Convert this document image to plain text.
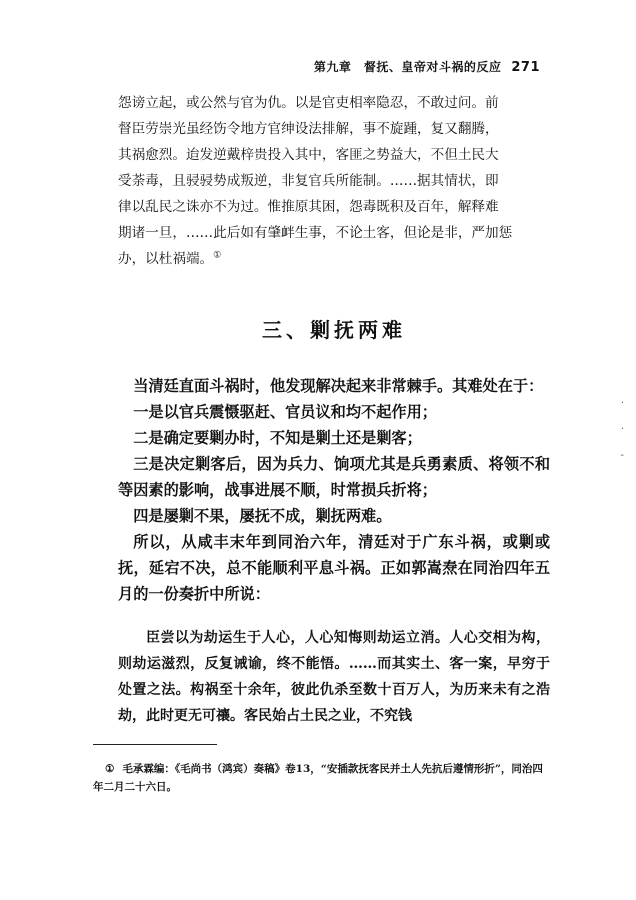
第九章　督抚、皇帝对斗祸的反应 271

怨谤立起，或公然与官为仇。以是官吏相率隐忍，不敢过问。前

督臣劳崇光虽经饬令地方官绅设法排解，事不旋踵，复又翻腾，

其祸愈烈。迨发逆戴梓贵投入其中，客匪之势益大，不但土民大

受荼毒，且骎骎势成叛逆，非复官兵所能制。……据其情状，即

律以乱民之诛亦不为过。惟推原其困，怨毒既积及百年，解释难

期诸一旦，……此后如有肇衅生事，不论土客，但论是非，严加惩

办，以杜祸端。①

三、剿抚两难

当清廷直面斗祸时，他发现解决起来非常棘手。其难处在于：

一是以官兵震慑驱赶、官员议和均不起作用；

二是确定要剿办时，不知是剿土还是剿客；

三是决定剿客后，因为兵力、饷项尤其是兵勇素质、将领不和等因素的影响，战事进展不顺，时常损兵折将；

四是屡剿不果，屡抚不成，剿抚两难。

所以，从咸丰末年到同治六年，清廷对于广东斗祸，或剿或抚，延宕不决，总不能顺利平息斗祸。正如郭嵩焘在同治四年五月的一份奏折中所说：

臣尝以为劫运生于人心，人心知悔则劫运立消。人心交相为构，则劫运滋烈，反复诫谕，终不能悟。……而其实土、客一案，早穷于处置之法。构祸至十余年，彼此仇杀至数十百万人，为历来未有之浩劫，此时更无可禳。客民始占土民之业，不究钱

① 毛承霖编：《毛尚书（鸿宾）奏稿》卷13，“安插款抚客民并土人先抗后遵情形折”，同治四年二月二十六日。

·
·
-
